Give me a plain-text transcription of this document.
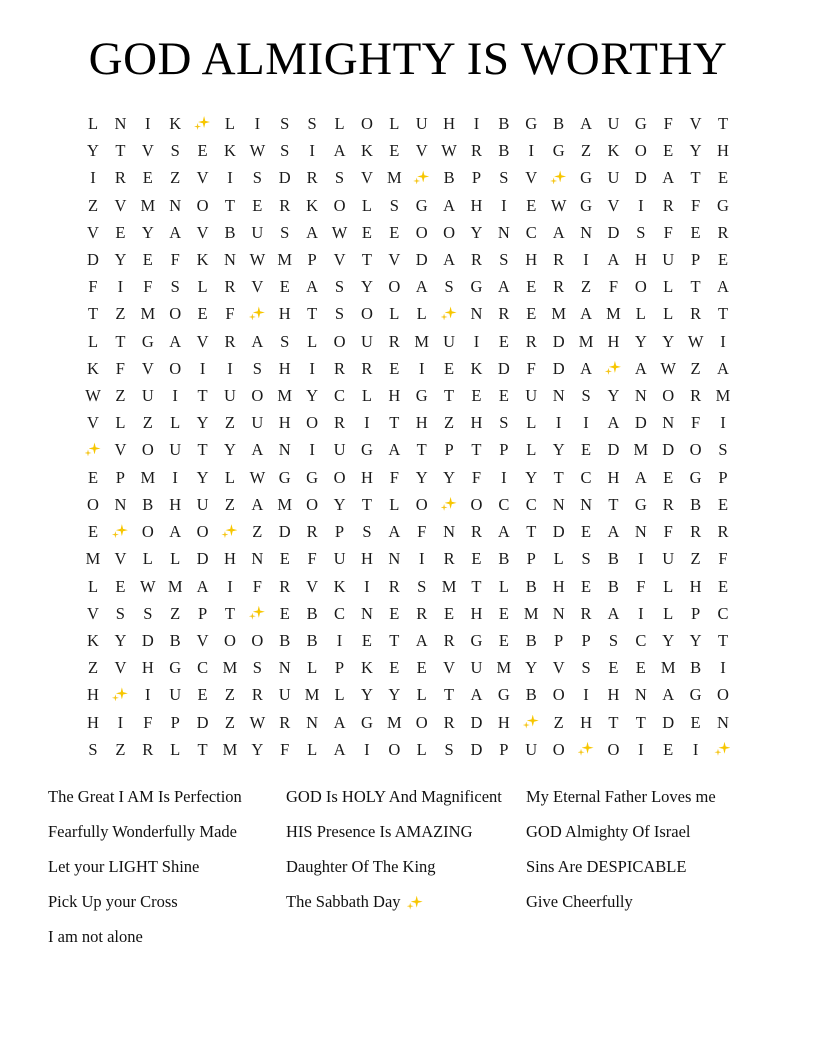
GOD ALMIGHTY IS WORTHY
L	N	I	K		L	I	S	S	L	O	L	U	H	I	B	G	B	A	U	G	F	V	T
Y	T	V	S	E	K	W	S	I	A	K	E	V	W	R	B	I	G	Z	K	O	E	Y	H
I	R	E	Z	V	I	S	D	R	S	V	M		B	P	S	V		G	U	D	A	T	E
Z	V	M	N	O	T	E	R	K	O	L	S	G	A	H	I	E	W	G	V	I	R	F	G
V	E	Y	A	V	B	U	S	A	W	E	E	O	O	Y	N	C	A	N	D	S	F	E	R
D	Y	E	F	K	N	W	M	P	V	T	V	D	A	R	S	H	R	I	A	H	U	P	E
F	I	F	S	L	R	V	E	A	S	Y	O	A	S	G	A	E	R	Z	F	O	L	T	A
T	Z	M	O	E	F		H	T	S	O	L	L		N	R	E	M	A	M	L	L	R	T
L	T	G	A	V	R	A	S	L	O	U	R	M	U	I	E	R	D	M	H	Y	Y	W	I
K	F	V	O	I	I	S	H	I	R	R	E	I	E	K	D	F	D	A		A	W	Z	A
W	Z	U	I	T	U	O	M	Y	C	L	H	G	T	E	E	U	N	S	Y	N	O	R	M
V	L	Z	L	Y	Z	U	H	O	R	I	T	H	Z	H	S	L	I	I	A	D	N	F	I

	V	O	U	T	Y	A	N	I	U	G	A	T	P	T	P	L	Y	E	D	M	D	O	S
E	P	M	I	Y	L	W	G	G	O	H	F	Y	Y	F	I	Y	T	C	H	A	E	G	P
O	N	B	H	U	Z	A	M	O	Y	T	L	O		O	C	C	N	N	T	G	R	B	E
E		O	A	O		Z	D	R	P	S	A	F	N	R	A	T	D	E	A	N	F	R	R
M	V	L	L	D	H	N	E	F	U	H	N	I	R	E	B	P	L	S	B	I	U	Z	F
L	E	W	M	A	I	F	R	V	K	I	R	S	M	T	L	B	H	E	B	F	L	H	E
V	S	S	Z	P	T		E	B	C	N	E	R	E	H	E	M	N	R	A	I	L	P	C
K	Y	D	B	V	O	O	B	B	I	E	T	A	R	G	E	B	P	P	S	C	Y	Y	T
Z	V	H	G	C	M	S	N	L	P	K	E	E	V	U	M	Y	V	S	E	E	M	B	I
H		I	U	E	Z	R	U	M	L	Y	Y	L	T	A	G	B	O	I	H	N	A	G	O
H	I	F	P	D	Z	W	R	N	A	G	M	O	R	D	H		Z	H	T	T	D	E	N
S	Z	R	L	T	M	Y	F	L	A	I	O	L	S	D	P	U	O		O	I	E	I	
The Great I AM Is Perfection	GOD Is HOLY And Magnificent	My Eternal Father Loves me
Fearfully Wonderfully Made	HIS Presence Is AMAZING	GOD Almighty Of Israel
Let your LIGHT Shine	Daughter Of The King	Sins Are DESPICABLE
Pick Up your Cross	The Sabbath Day	Give Cheerfully
I am not alone
